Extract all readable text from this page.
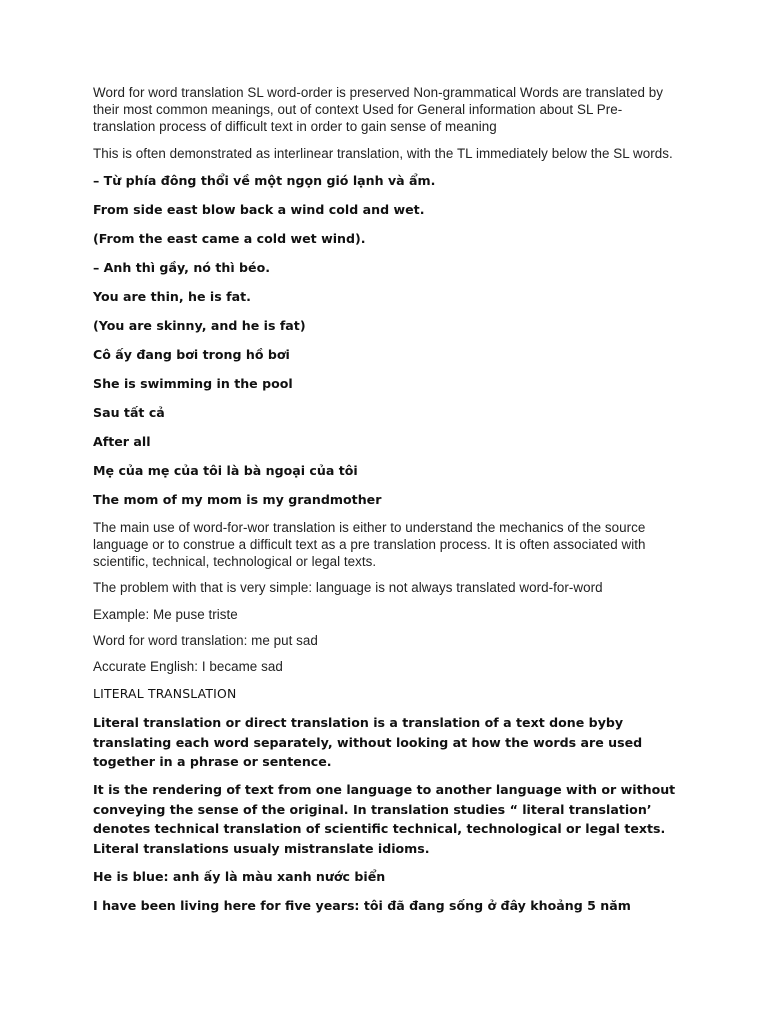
Word for word translation SL word-order is preserved Non-grammatical Words are translated by their most common meanings, out of context Used for General information about SL Pre-translation process of difficult text in order to gain sense of meaning

This is often demonstrated as interlinear translation, with the TL immediately below the SL words.

– Từ phía đông thổi về một ngọn gió lạnh và ẩm.

From side east blow back a wind cold and wet.

(From the east came a cold wet wind).

– Anh thì gầy, nó thì béo.

You are thin, he is fat.

(You are skinny, and he is fat)

Cô ấy đang bơi trong hồ bơi

She is swimming in the pool

Sau tất cả

After all

Mẹ của mẹ của tôi là bà ngoại của tôi

The mom of my mom is my grandmother

The main use of word-for-wor translation is either to understand the mechanics of the source language or to construe a difficult text as a pre translation process. It is often associated with scientific, technical, technological or legal texts.

The problem with that is very simple: language is not always translated word-for-word

Example: Me puse triste

Word for word translation: me put sad

Accurate English: I became sad

LITERAL TRANSLATION

Literal translation or direct translation is a translation of a text done byby translating each word separately, without looking at how the words are used together in a phrase or sentence.

It is the rendering of text from one language to another language with or without conveying the sense of the original. In translation studies “ literal translation’ denotes technical translation of scientific technical, technological or legal texts. Literal translations usualy mistranslate idioms.

He is blue: anh ấy là màu xanh nước biển

I have been living here for five years: tôi đã đang sống ở đây khoảng 5 năm
